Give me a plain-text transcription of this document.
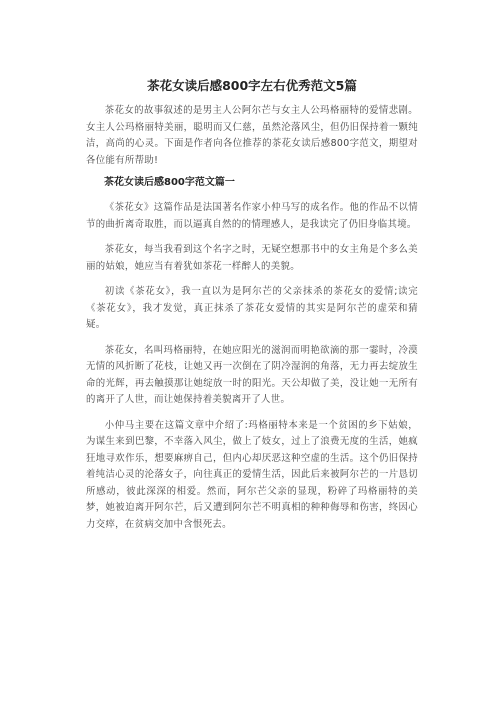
茶花女读后感800字左右优秀范文5篇

茶花女的故事叙述的是男主人公阿尔芒与女主人公玛格丽特的爱情悲剧。女主人公玛格丽特美丽，聪明而又仁慈，虽然沦落风尘，但仍旧保持着一颗纯洁，高尚的心灵。下面是作者向各位推荐的茶花女读后感800字范文，期望对各位能有所帮助!

茶花女读后感800字范文篇一

《茶花女》这篇作品是法国著名作家小仲马写的成名作。他的作品不以情节的曲折离奇取胜，而以逼真自然的的情理感人，是我读完了仍旧身临其境。

茶花女，每当我看到这个名字之时，无疑空想那书中的女主角是个多么美丽的姑娘，她应当有着犹如茶花一样醉人的美貌。

初读《茶花女》，我一直以为是阿尔芒的父亲抹杀的茶花女的爱情;读完《茶花女》，我才发觉，真正抹杀了茶花女爱情的其实是阿尔芒的虚荣和猜疑。

茶花女，名叫玛格丽特，在她应阳光的滋润而明艳欲滴的那一霎时，冷漠无情的风折断了花枝，让她又再一次倒在了阴冷湿润的角落，无力再去绽放生命的光辉，再去触摸那让她绽放一时的阳光。天公却做了美，没让她一无所有的离开了人世，而让她保持着美貌离开了人世。

小仲马主要在这篇文章中介绍了:玛格丽特本来是一个贫困的乡下姑娘，为谋生来到巴黎，不幸落入风尘，做上了妓女，过上了浪费无度的生活，她疯狂地寻欢作乐，想要麻痹自己，但内心却厌恶这种空虚的生活。这个仍旧保持着纯洁心灵的沦落女子，向往真正的爱情生活，因此后来被阿尔芒的一片恳切所感动，彼此深深的相爱。然而，阿尔芒父亲的显现，粉碎了玛格丽特的美梦，她被迫离开阿尔芒，后又遭到阿尔芒不明真相的种种侮辱和伤害，终因心力交瘁，在贫病交加中含恨死去。
